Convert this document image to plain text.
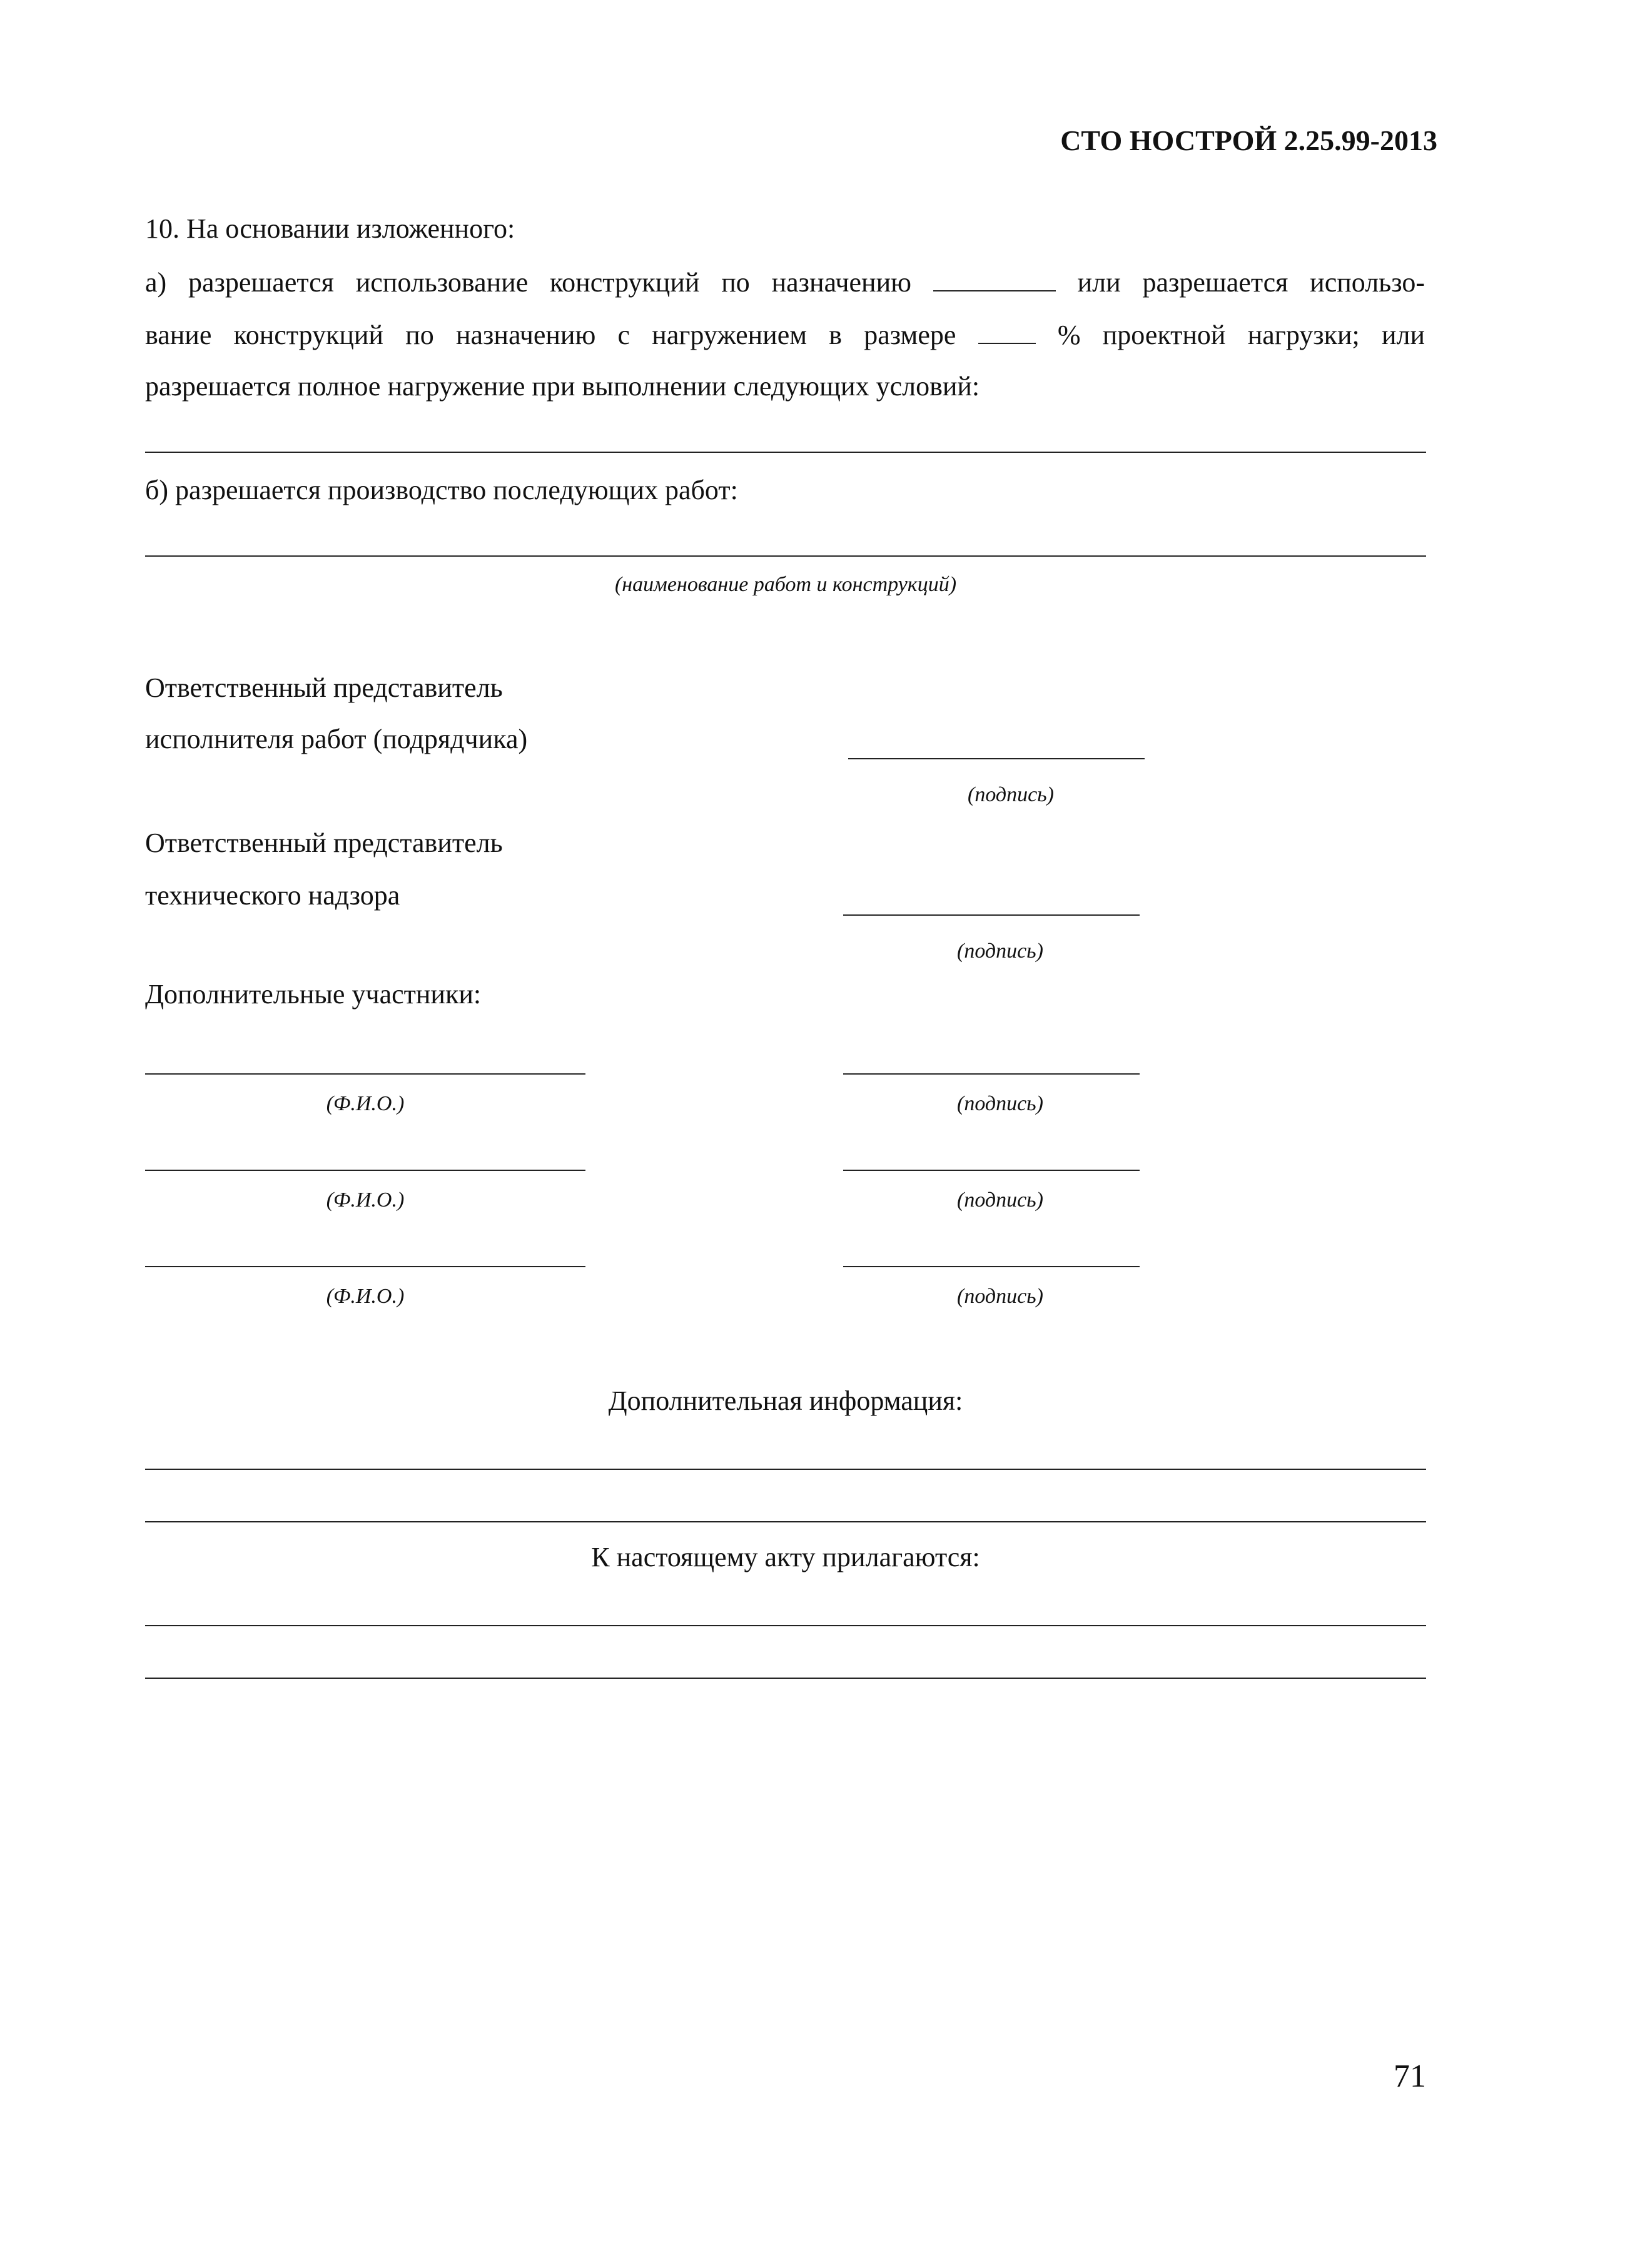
СТО НОСТРОЙ 2.25.99-2013
10. На основании изложенного:
а) разрешается использование конструкций по назначению	или разрешается использо-
вание конструкций по назначению с нагружением в размере	% проектной нагрузки; или
разрешается полное нагружение при выполнении следующих условий:
б) разрешается производство последующих работ:
(наименование работ и конструкций)
Ответственный представитель
исполнителя работ (подрядчика)
(подпись)
Ответственный представитель
технического надзора
(подпись)
Дополнительные участники:
(Ф.И.О.)	(подпись)
(Ф.И.О.)	(подпись)
(Ф.И.О.)	(подпись)
Дополнительная информация:
К настоящему акту прилагаются:
71
